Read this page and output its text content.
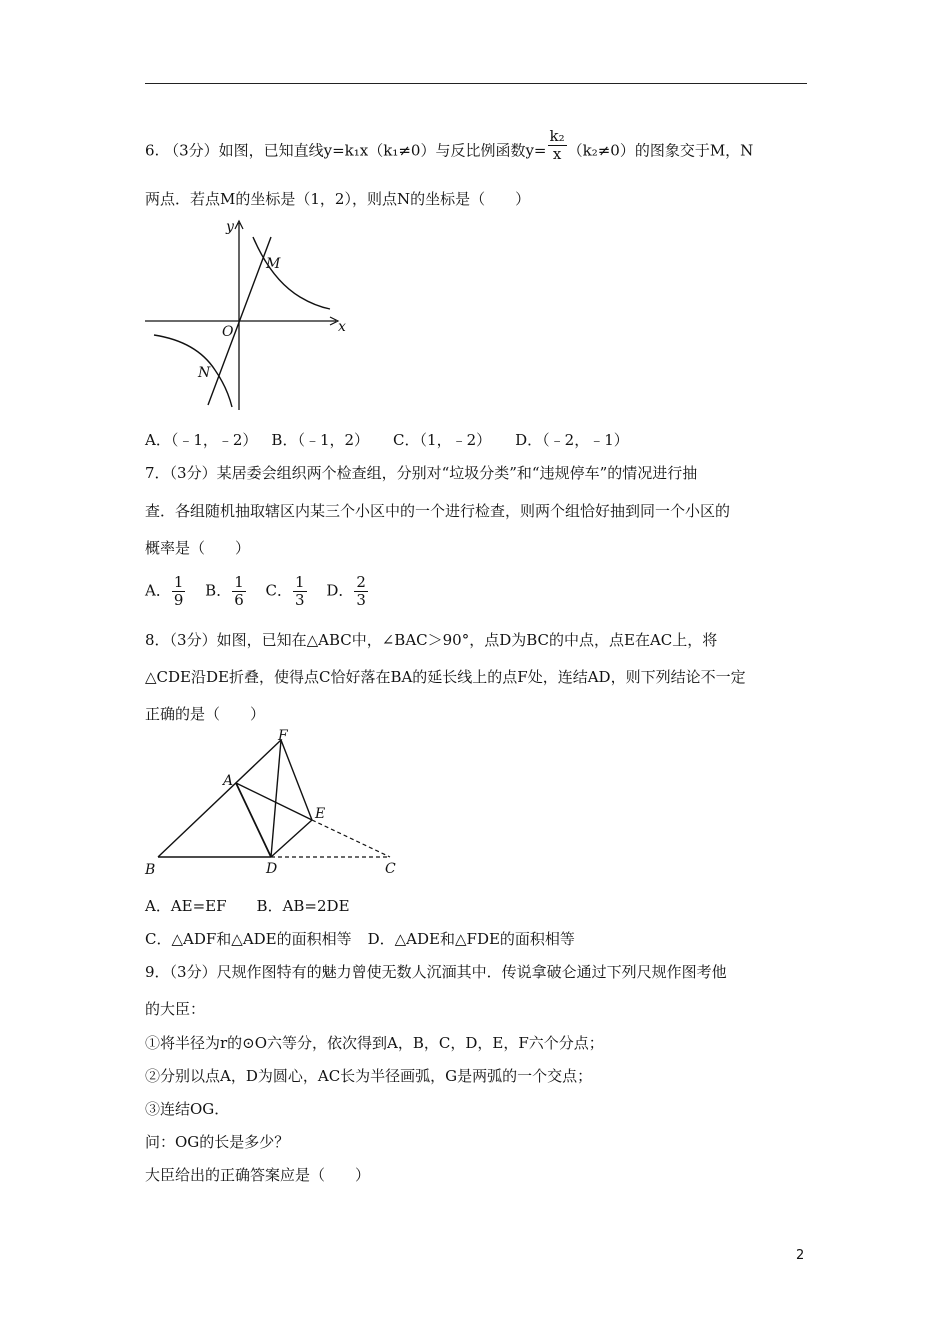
6. （3分）如图，已知直线y=k₁x（k₁≠0）与反比例函数$y= \frac{\text{k₂}}{x} (k_2\ne 0)$的图象交于M，N
两点．若点M的坐标是（1，2），则点N的坐标是（　　）
y
x
O
M
N
A．（﹣1，﹣2） B．（﹣1，2） C．（1，﹣2） D．（﹣2，﹣1）
7．（3分）某居委会组织两个检查组，分别对“垃圾分类”和“违规停车”的情况进行抽
查．各组随机抽取辖区内某三个小区中的一个进行检查，则两个组恰好抽到同一个小区的
概率是（　　）
A． $\frac{1}{9}$ B． $\frac{1}{6}$ C． $\frac{1}{3}$ D． $\frac{2}{3}$
8．（3分）如图，已知在△ABC中，∠BAC＞90°，点D为BC的中点，点E在AC上，将
△CDE沿DE折叠，使得点C恰好落在BA的延长线上的点F处，连结AD，则下列结论不一定
正确的是（　　）
F
A
E
B	D	C
A．AE=EF B．AB=2DE
C．△ADF和△ADE的面积相等 D．△ADE和△FDE的面积相等
9．（3分）尺规作图特有的魅力曾使无数人沉湎其中．传说拿破仑通过下列尺规作图考他
的大臣：
①将半径为r的⊙O六等分，依次得到A，B，C，D，E，F六个分点；
②分别以点A，D为圆心，AC长为半径画弧，G是两弧的一个交点；
③连结OG．
问：OG的长是多少？
大臣给出的正确答案应是（　　）
2
